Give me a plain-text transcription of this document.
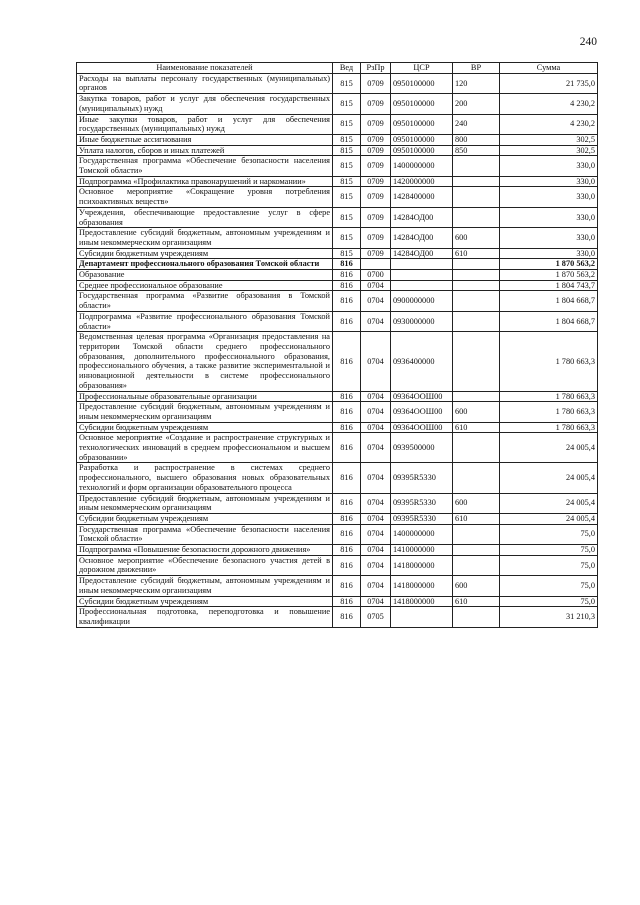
240
Наименование показателей	Вед	РзПр	ЦСР	ВР	Сумма
Расходы на выплаты персоналу государственных (муниципальных) органов	815	0709	0950100000	120	21 735,0
Закупка товаров, работ и услуг для обеспечения государственных (муниципальных) нужд	815	0709	0950100000	200	4 230,2
Иные закупки товаров, работ и услуг для обеспечения государственных (муниципальных) нужд	815	0709	0950100000	240	4 230,2
Иные бюджетные ассигнования	815	0709	0950100000	800	302,5
Уплата налогов, сборов и иных платежей	815	0709	0950100000	850	302,5
Государственная программа «Обеспечение безопасности населения Томской области»	815	0709	1400000000		330,0
Подпрограмма «Профилактика правонарушений и наркомании»	815	0709	1420000000		330,0
Основное мероприятие «Сокращение уровня потребления психоактивных веществ»	815	0709	1428400000		330,0
Учреждения, обеспечивающие предоставление услуг в сфере образования	815	0709	14284ОД00		330,0
Предоставление субсидий бюджетным, автономным учреждениям и иным некоммерческим организациям	815	0709	14284ОД00	600	330,0
Субсидии бюджетным учреждениям	815	0709	14284ОД00	610	330,0
Департамент профессионального образования Томской области	816				1 870 563,2
Образование	816	0700			1 870 563,2
Среднее профессиональное образование	816	0704			1 804 743,7
Государственная программа «Развитие образования в Томской области»	816	0704	0900000000		1 804 668,7
Подпрограмма «Развитие профессионального образования Томской области»	816	0704	0930000000		1 804 668,7
Ведомственная целевая программа «Организация предоставления на территории Томской области среднего профессионального образования, дополнительного профессионального образования, профессионального обучения, а также развитие экспериментальной и инновационной деятельности в системе профессионального образования»	816	0704	0936400000		1 780 663,3
Профессиональные образовательные организации	816	0704	09364ООШ00		1 780 663,3
Предоставление субсидий бюджетным, автономным учреждениям и иным некоммерческим организациям	816	0704	09364ООШ00	600	1 780 663,3
Субсидии бюджетным учреждениям	816	0704	09364ООШ00	610	1 780 663,3
Основное мероприятие «Создание и распространение структурных и технологических инноваций в среднем профессиональном и высшем образовании»	816	0704	0939500000		24 005,4
Разработка и распространение в системах среднего профессионального, высшего образования новых образовательных технологий и форм организации образовательного процесса	816	0704	09395R5330		24 005,4
Предоставление субсидий бюджетным, автономным учреждениям и иным некоммерческим организациям	816	0704	09395R5330	600	24 005,4
Субсидии бюджетным учреждениям	816	0704	09395R5330	610	24 005,4
Государственная программа «Обеспечение безопасности населения Томской области»	816	0704	1400000000		75,0
Подпрограмма «Повышение безопасности дорожного движения»	816	0704	1410000000		75,0
Основное мероприятие «Обеспечение безопасного участия детей в дорожном движении»	816	0704	1418000000		75,0
Предоставление субсидий бюджетным, автономным учреждениям и иным некоммерческим организациям	816	0704	1418000000	600	75,0
Субсидии бюджетным учреждениям	816	0704	1418000000	610	75,0
Профессиональная подготовка, переподготовка и повышение квалификации	816	0705			31 210,3
